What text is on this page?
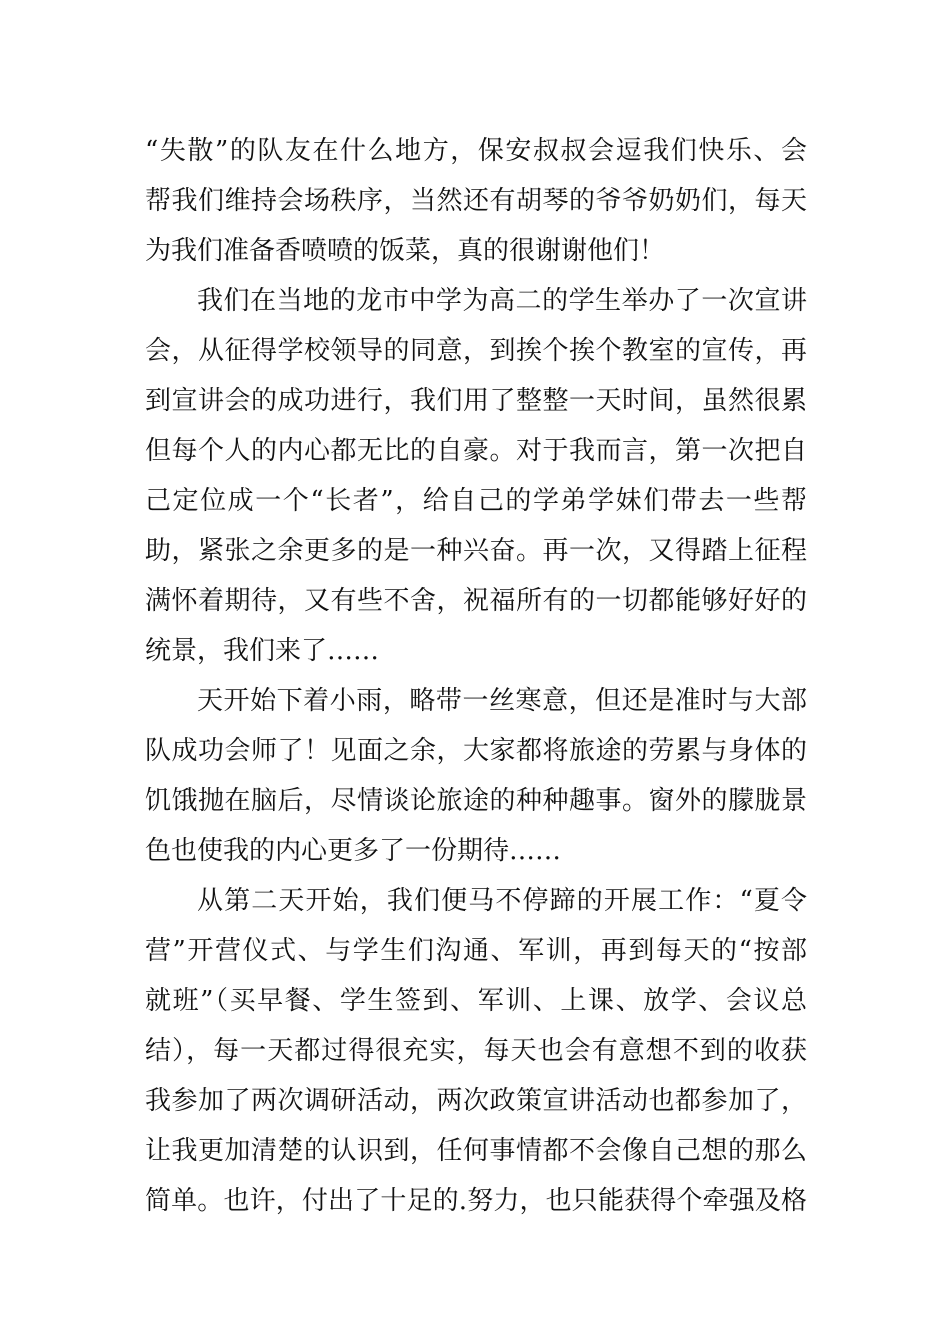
“失散”的队友在什么地方，保安叔叔会逗我们快乐、会
帮我们维持会场秩序，当然还有胡琴的爷爷奶奶们，每天
为我们准备香喷喷的饭菜，真的很谢谢他们！
我们在当地的龙市中学为高二的学生举办了一次宣讲
会，从征得学校领导的同意，到挨个挨个教室的宣传，再
到宣讲会的成功进行，我们用了整整一天时间，虽然很累
但每个人的内心都无比的自豪。对于我而言，第一次把自
己定位成一个“长者”，给自己的学弟学妹们带去一些帮
助，紧张之余更多的是一种兴奋。再一次，又得踏上征程
满怀着期待，又有些不舍，祝福所有的一切都能够好好的
统景，我们来了……
天开始下着小雨，略带一丝寒意，但还是准时与大部
队成功会师了！见面之余，大家都将旅途的劳累与身体的
饥饿抛在脑后，尽情谈论旅途的种种趣事。窗外的朦胧景
色也使我的内心更多了一份期待……
从第二天开始，我们便马不停蹄的开展工作：“夏令
营”开营仪式、与学生们沟通、军训，再到每天的“按部
就班”（买早餐、学生签到、军训、上课、放学、会议总
结），每一天都过得很充实，每天也会有意想不到的收获
我参加了两次调研活动，两次政策宣讲活动也都参加了，
让我更加清楚的认识到，任何事情都不会像自己想的那么
简单。也许，付出了十足的.努力，也只能获得个牵强及格
